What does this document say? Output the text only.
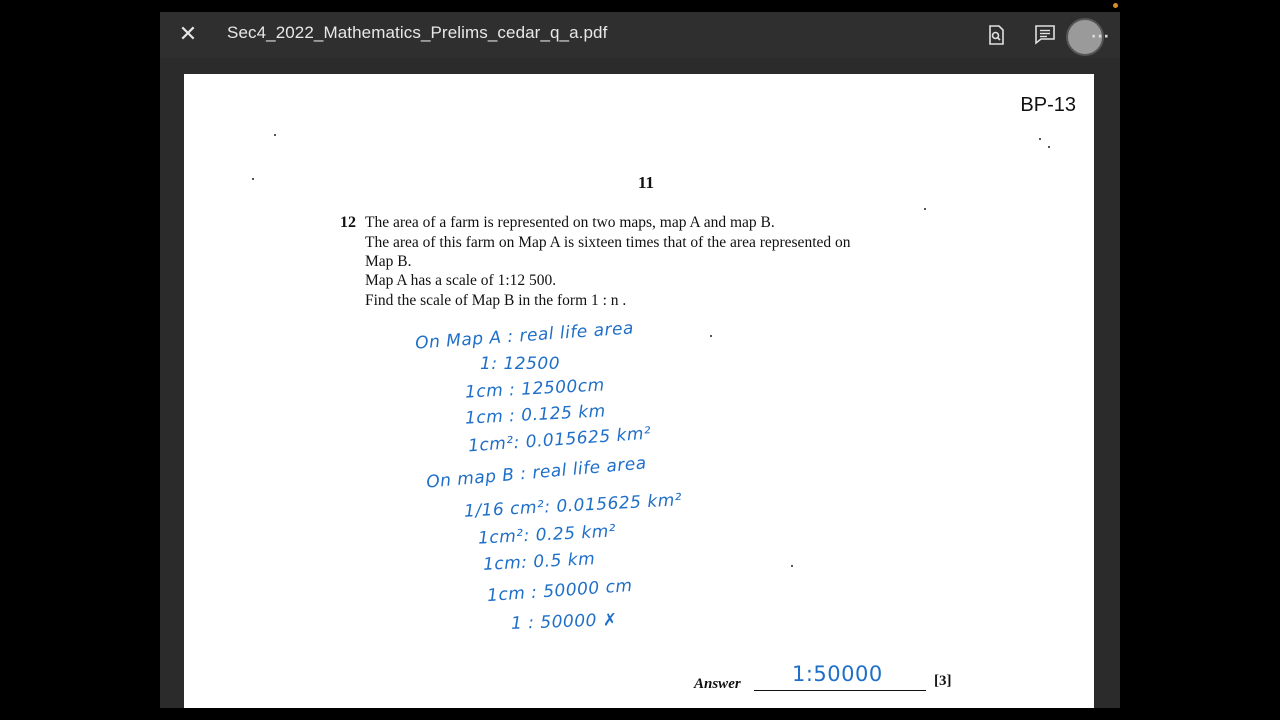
✕ Sec4_2022_Mathematics_Prelims_cedar_q_a.pdf	···
BP-13
11
12 The area of a farm is represented on two maps, map A and map B.
The area of this farm on Map A is sixteen times that of the area represented on
Map B.
Map A has a scale of 1:12 500.
Find the scale of Map B in the form 1 : n .
On Map A : real life area
1: 12500
1cm : 12500cm
1cm : 0.125 km
1cm²: 0.015625 km²
On map B : real life area
1/16 cm²: 0.015625 km²
1cm²: 0.25 km²
1cm: 0.5 km
1cm : 50000 cm
1 : 50000 ✗
Answer 1:50000	[3]
